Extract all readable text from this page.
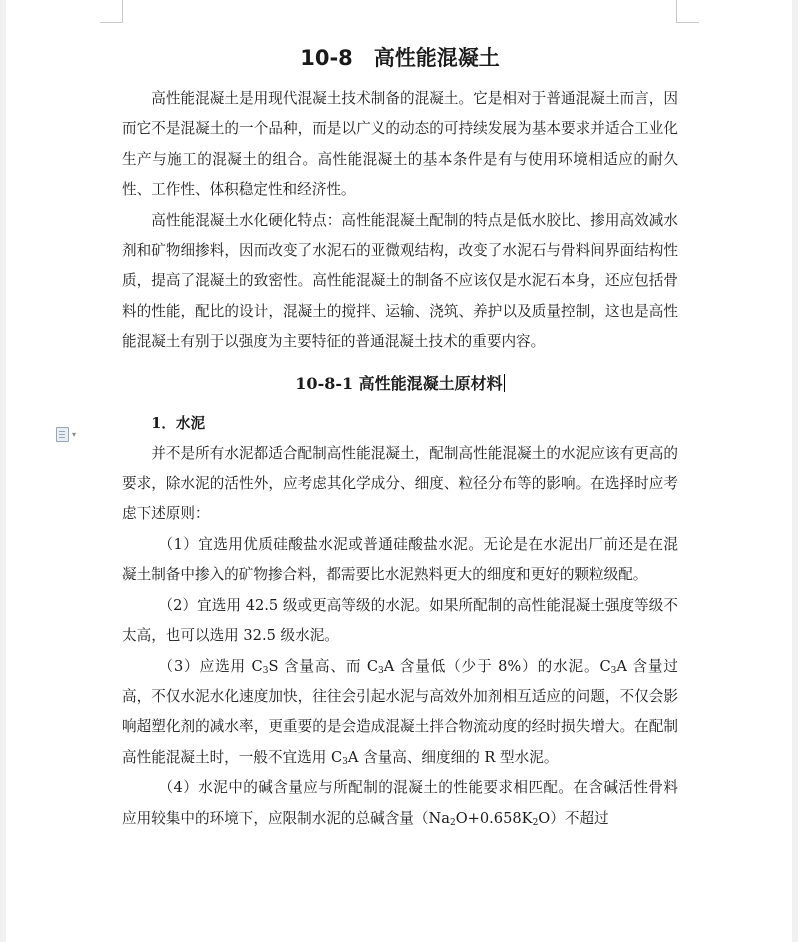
▾
10-8　高性能混凝土

高性能混凝土是用现代混凝土技术制备的混凝土。它是相对于普通混凝土而言，因而它不是混凝土的一个品种，而是以广义的动态的可持续发展为基本要求并适合工业化生产与施工的混凝土的组合。高性能混凝土的基本条件是有与使用环境相适应的耐久性、工作性、体积稳定性和经济性。

高性能混凝土水化硬化特点：高性能混凝土配制的特点是低水胶比、掺用高效减水剂和矿物细掺料，因而改变了水泥石的亚微观结构，改变了水泥石与骨料间界面结构性质，提高了混凝土的致密性。高性能混凝土的制备不应该仅是水泥石本身，还应包括骨料的性能，配比的设计，混凝土的搅拌、运输、浇筑、养护以及质量控制，这也是高性能混凝土有别于以强度为主要特征的普通混凝土技术的重要内容。

10-8-1 高性能混凝土原材料

1．水泥

并不是所有水泥都适合配制高性能混凝土，配制高性能混凝土的水泥应该有更高的要求，除水泥的活性外，应考虑其化学成分、细度、粒径分布等的影响。在选择时应考虑下述原则：

（1）宜选用优质硅酸盐水泥或普通硅酸盐水泥。无论是在水泥出厂前还是在混凝土制备中掺入的矿物掺合料，都需要比水泥熟料更大的细度和更好的颗粒级配。

（2）宜选用 42.5 级或更高等级的水泥。如果所配制的高性能混凝土强度等级不太高，也可以选用 32.5 级水泥。

（3）应选用 $C_3S$ 含量高、而 $C_3A$ 含量低（少于 8%）的水泥。$C_3A$ 含量过高，不仅水泥水化速度加快，往往会引起水泥与高效外加剂相互适应的问题，不仅会影响超塑化剂的减水率，更重要的是会造成混凝土拌合物流动度的经时损失增大。在配制高性能混凝土时，一般不宜选用 $C_3A$ 含量高、细度细的 R 型水泥。

（4）水泥中的碱含量应与所配制的混凝土的性能要求相匹配。在含碱活性骨料应用较集中的环境下，应限制水泥的总碱含量$(Na_2O+0.658K_2O)$不超过
